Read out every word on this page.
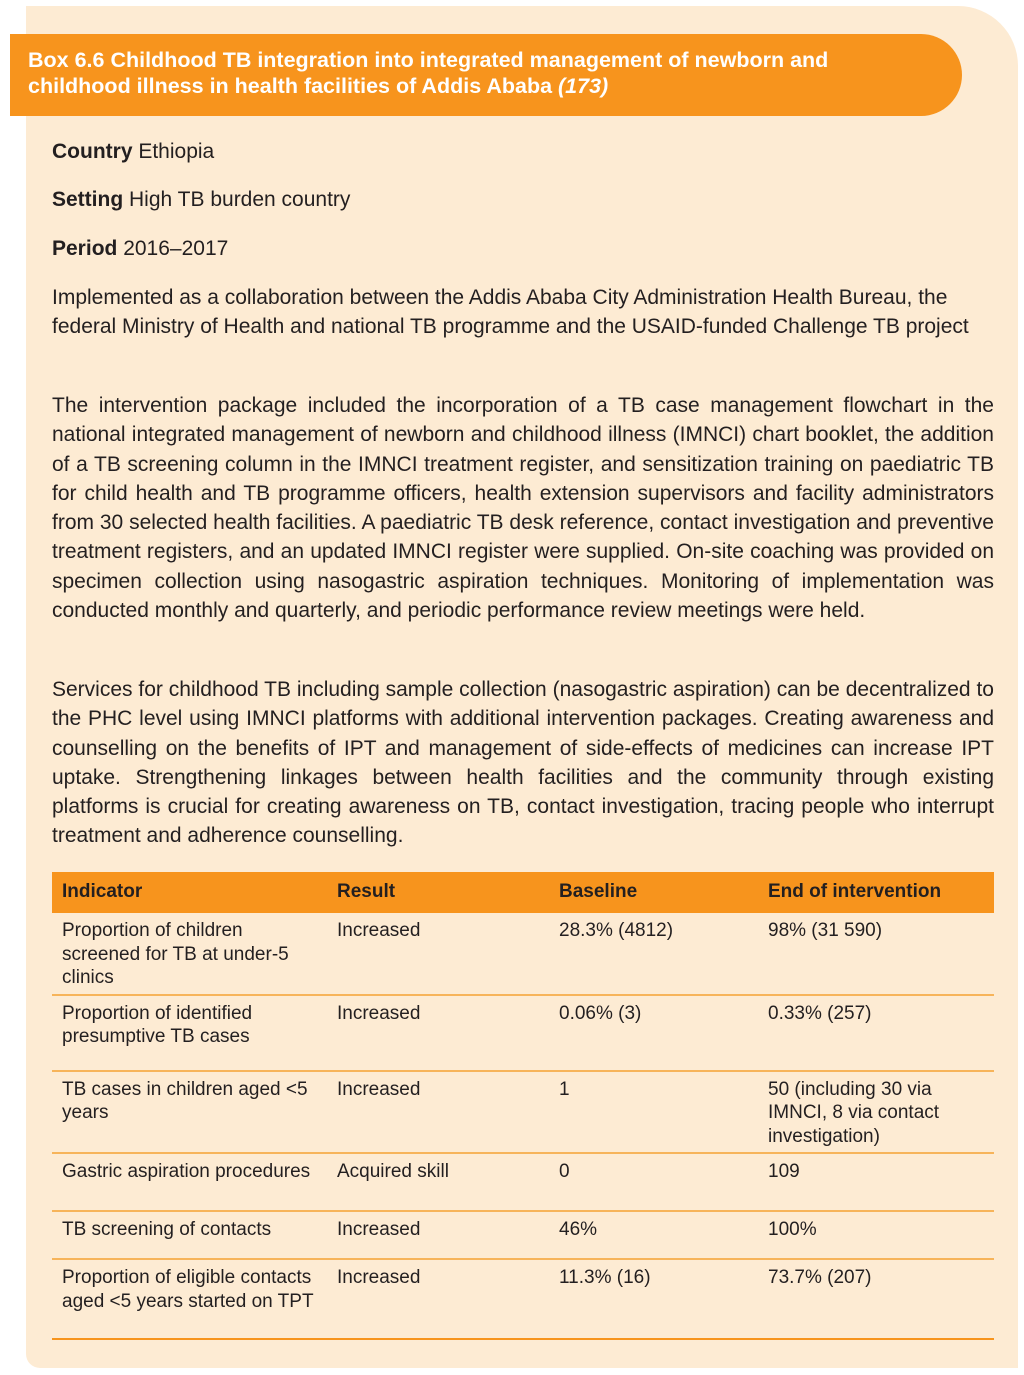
Box 6.6 Childhood TB integration into integrated management of newborn and childhood illness in health facilities of Addis Ababa (173)

Country Ethiopia

Setting High TB burden country

Period 2016–2017

Implemented as a collaboration between the Addis Ababa City Administration Health Bureau, the federal Ministry of Health and national TB programme and the USAID-funded Challenge TB project

The intervention package included the incorporation of a TB case management flowchart in the national integrated management of newborn and childhood illness (IMNCI) chart booklet, the addition of a TB screening column in the IMNCI treatment register, and sensitization training on paediatric TB for child health and TB programme officers, health extension supervisors and facility administrators from 30 selected health facilities. A paediatric TB desk reference, contact investigation and preventive treatment registers, and an updated IMNCI register were supplied. On-site coaching was provided on specimen collection using nasogastric aspiration techniques. Monitoring of implementation was conducted monthly and quarterly, and periodic performance review meetings were held.

Services for childhood TB including sample collection (nasogastric aspiration) can be decentralized to the PHC level using IMNCI platforms with additional intervention packages. Creating awareness and counselling on the benefits of IPT and management of side-effects of medicines can increase IPT uptake. Strengthening linkages between health facilities and the community through existing platforms is crucial for creating awareness on TB, contact investigation, tracing people who interrupt treatment and adherence counselling.

Indicator	Result	Baseline	End of intervention
Proportion of children screened for TB at under-5 clinics	Increased	28.3% (4812)	98% (31 590)
Proportion of identified presumptive TB cases	Increased	0.06% (3)	0.33% (257)
TB cases in children aged <5 years	Increased	1	50 (including 30 via IMNCI, 8 via contact investigation)
Gastric aspiration procedures	Acquired skill	0	109
TB screening of contacts	Increased	46%	100%
Proportion of eligible contacts aged <5 years started on TPT	Increased	11.3% (16)	73.7% (207)
